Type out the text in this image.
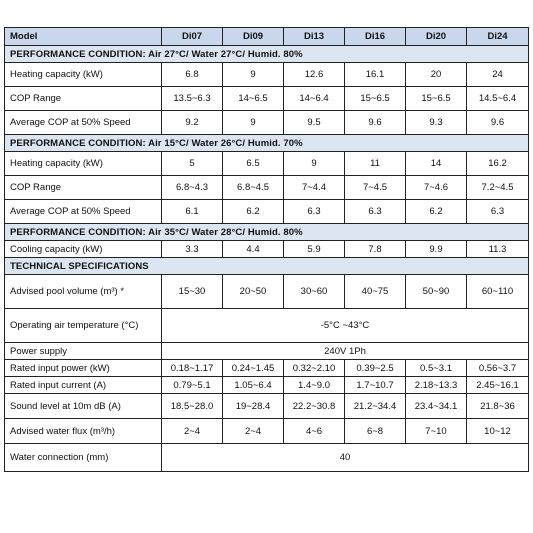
Model	Di07	Di09	Di13	Di16	Di20	Di24
PERFORMANCE CONDITION: Air 27°C/ Water 27°C/ Humid. 80%						
Heating capacity (kW)	6.8	9	12.6	16.1	20	24
COP Range	13.5~6.3	14~6.5	14~6.4	15~6.5	15~6.5	14.5~6.4
Average COP at 50% Speed	9.2	9	9.5	9.6	9.3	9.6
PERFORMANCE CONDITION: Air 15°C/ Water 26°C/ Humid. 70%						
Heating capacity (kW)	5	6.5	9	11	14	16.2
COP Range	6.8~4.3	6.8~4.5	7~4.4	7~4.5	7~4.6	7.2~4.5
Average COP at 50% Speed	6.1	6.2	6.3	6.3	6.2	6.3
PERFORMANCE CONDITION: Air 35°C/ Water 28°C/ Humid. 80%						
Cooling capacity (kW)	3.3	4.4	5.9	7.8	9.9	11.3
TECHNICAL SPECIFICATIONS						
Advised pool volume (m³) *	15~30	20~50	30~60	40~75	50~90	60~110
Operating air temperature (°C)	-5°C ~43°C					
Power supply	240V 1Ph					
Rated input power (kW)	0.18~1.17	0.24~1.45	0.32~2.10	0.39~2.5	0.5~3.1	0.56~3.7
Rated input current (A)	0.79~5.1	1.05~6.4	1.4~9.0	1.7~10.7	2.18~13.3	2.45~16.1
Sound level at 10m dB (A)	18.5~28.0	19~28.4	22.2~30.8	21.2~34.4	23.4~34.1	21.8~36
Advised water flux (m³/h)	2~4	2~4	4~6	6~8	7~10	10~12
Water connection (mm)	40					
